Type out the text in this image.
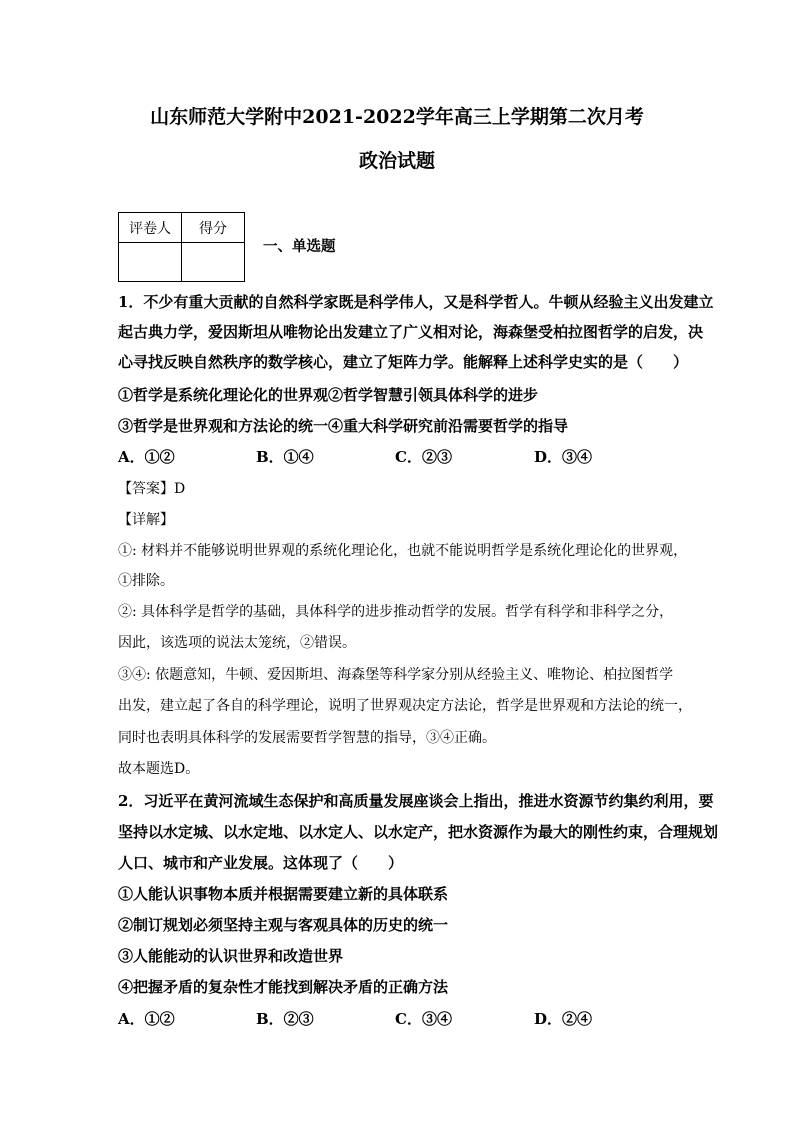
山东师范大学附中2021-2022学年高三上学期第二次月考
政治试题
评卷人	得分

一、单选题
1．不少有重大贡献的自然科学家既是科学伟人，又是科学哲人。牛顿从经验主义出发建立
起古典力学，爱因斯坦从唯物论出发建立了广义相对论，海森堡受柏拉图哲学的启发，决
心寻找反映自然秩序的数学核心，建立了矩阵力学。能解释上述科学史实的是（　　）
①哲学是系统化理论化的世界观②哲学智慧引领具体科学的进步
③哲学是世界观和方法论的统一④重大科学研究前沿需要哲学的指导
A．①②	B．①④	C．②③	D．③④
【答案】D
【详解】
①: 材料并不能够说明世界观的系统化理论化，也就不能说明哲学是系统化理论化的世界观，
①排除。
②: 具体科学是哲学的基础，具体科学的进步推动哲学的发展。哲学有科学和非科学之分，
因此，该选项的说法太笼统，②错误。
③④: 依题意知，牛顿、爱因斯坦、海森堡等科学家分别从经验主义、唯物论、柏拉图哲学
出发，建立起了各自的科学理论，说明了世界观决定方法论，哲学是世界观和方法论的统一，
同时也表明具体科学的发展需要哲学智慧的指导，③④正确。
故本题选D。
2．习近平在黄河流域生态保护和高质量发展座谈会上指出，推进水资源节约集约利用，要
坚持以水定城、以水定地、以水定人、以水定产，把水资源作为最大的刚性约束，合理规划
人口、城市和产业发展。这体现了（　　）
①人能认识事物本质并根据需要建立新的具体联系
②制订规划必须坚持主观与客观具体的历史的统一
③人能能动的认识世界和改造世界
④把握矛盾的复杂性才能找到解决矛盾的正确方法
A．①②	B．②③	C．③④	D．②④
